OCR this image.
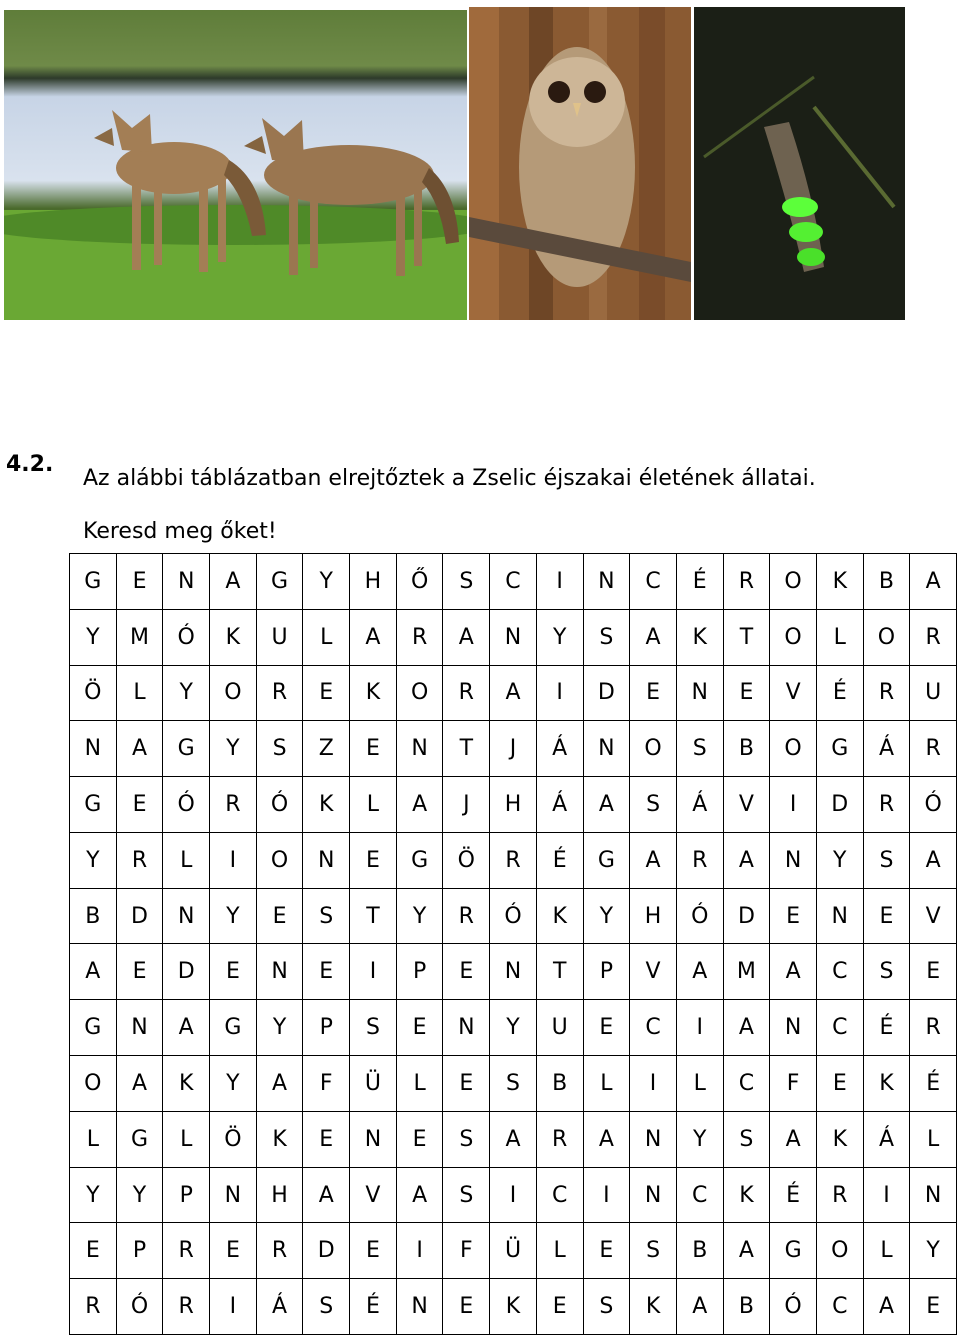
4.2.
Az alábbi táblázatban elrejtőztek a Zselic éjszakai életének állatai.
Keresd meg őket!
G	E	N	A	G	Y	H	Ő	S	C	I	N	C	É	R	O	K	B	A
Y	M	Ó	K	U	L	A	R	A	N	Y	S	A	K	T	O	L	O	R
Ö	L	Y	O	R	E	K	O	R	A	I	D	E	N	E	V	É	R	U
N	A	G	Y	S	Z	E	N	T	J	Á	N	O	S	B	O	G	Á	R
G	E	Ó	R	Ó	K	L	A	J	H	Á	A	S	Á	V	I	D	R	Ó
Y	R	L	I	O	N	E	G	Ö	R	É	G	A	R	A	N	Y	S	A
B	D	N	Y	E	S	T	Y	R	Ó	K	Y	H	Ó	D	E	N	E	V
A	E	D	E	N	E	I	P	E	N	T	P	V	A	M	A	C	S	E
G	N	A	G	Y	P	S	E	N	Y	U	E	C	I	A	N	C	É	R
O	A	K	Y	A	F	Ü	L	E	S	B	L	I	L	C	F	E	K	É
L	G	L	Ö	K	E	N	E	S	A	R	A	N	Y	S	A	K	Á	L
Y	Y	P	N	H	A	V	A	S	I	C	I	N	C	K	É	R	I	N
E	P	R	E	R	D	E	I	F	Ü	L	E	S	B	A	G	O	L	Y
R	Ó	R	I	Á	S	É	N	E	K	E	S	K	A	B	Ó	C	A	E
